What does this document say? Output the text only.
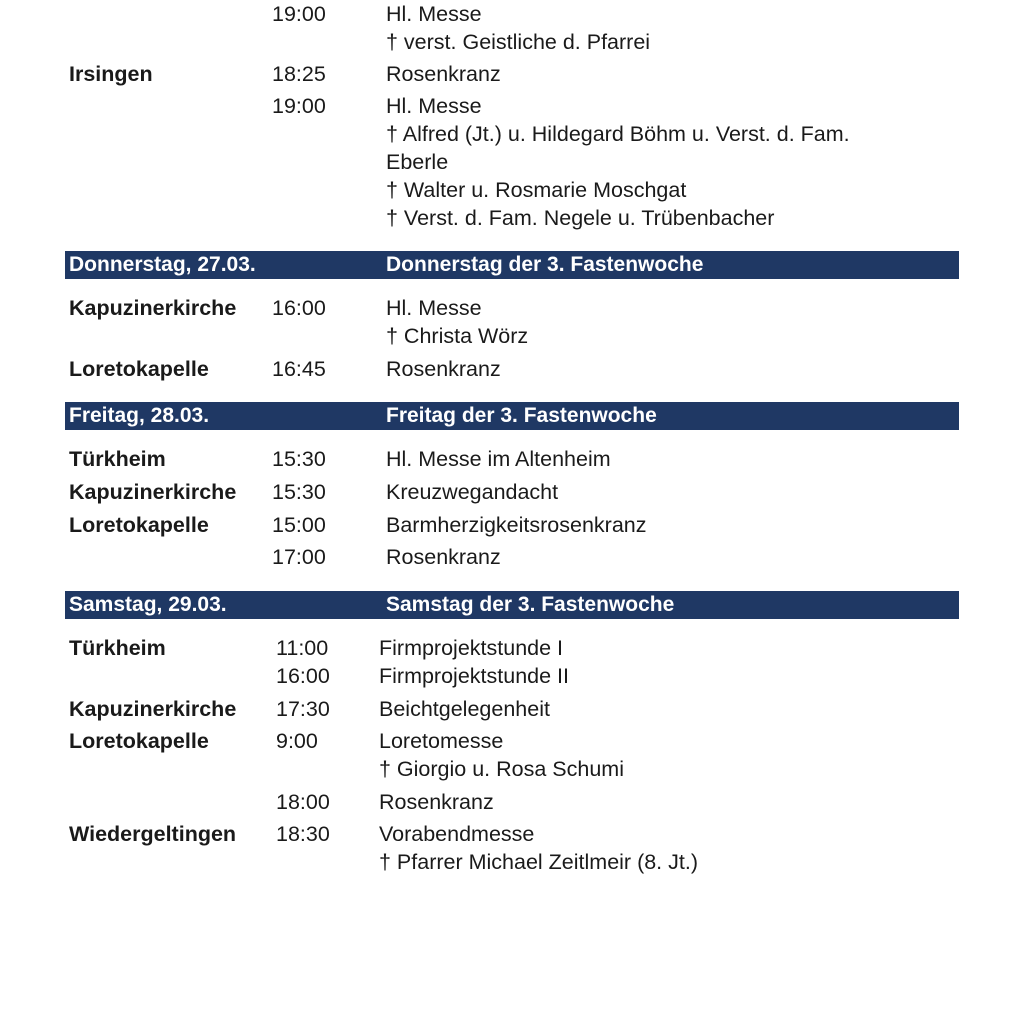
19:00	Hl. Messe
† verst. Geistliche d. Pfarrei
Irsingen	18:25	Rosenkranz
19:00	Hl. Messe
† Alfred (Jt.) u. Hildegard Böhm u. Verst. d. Fam.
Eberle
† Walter u. Rosmarie Moschgat
† Verst. d. Fam. Negele u. Trübenbacher
Donnerstag, 27.03.	Donnerstag der 3. Fastenwoche
Kapuzinerkirche 16:00	Hl. Messe
† Christa Wörz
Loretokapelle	16:45	Rosenkranz
Freitag, 28.03.	Freitag der 3. Fastenwoche
Türkheim	15:30	Hl. Messe im Altenheim
Kapuzinerkirche 15:30	Kreuzwegandacht
Loretokapelle	15:00	Barmherzigkeitsrosenkranz
17:00	Rosenkranz
Samstag, 29.03.	Samstag der 3. Fastenwoche
Türkheim	11:00 Firmprojektstunde I
16:00 Firmprojektstunde II
Kapuzinerkirche 17:30 Beichtgelegenheit
Loretokapelle	9:00	Loretomesse
† Giorgio u. Rosa Schumi
18:00 Rosenkranz
Wiedergeltingen 18:30 Vorabendmesse
† Pfarrer Michael Zeitlmeir (8. Jt.)
